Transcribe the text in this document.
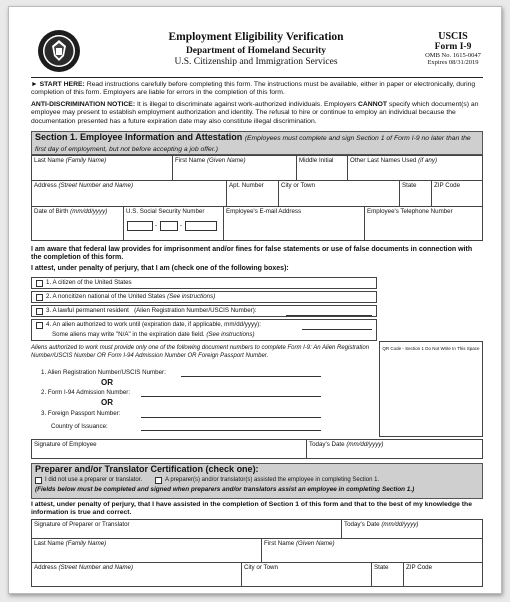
Employment Eligibility Verification
Department of Homeland Security
U.S. Citizenship and Immigration Services
USCIS
Form I-9
OMB No. 1615-0047
Expires 08/31/2019
► START HERE: Read instructions carefully before completing this form. The instructions must be available, either in paper or electronically, during completion of this form. Employers are liable for errors in the completion of this form.
ANTI-DISCRIMINATION NOTICE: It is illegal to discriminate against work-authorized individuals. Employers CANNOT specify which document(s) an employee may present to establish employment authorization and identity. The refusal to hire or continue to employ an individual because the documentation presented has a future expiration date may also constitute illegal discrimination.
Section 1. Employee Information and Attestation (Employees must complete and sign Section 1 of Form I-9 no later than the first day of employment, but not before accepting a job offer.)
Last Name (Family Name)	First Name (Given Name)	Middle Initial	Other Last Names Used (if any)
Address (Street Number and Name)	Apt. Number	City or Town	State	ZIP Code
Date of Birth (mm/dd/yyyy)	U.S. Social Security Number
-	-
Employee's E-mail Address	Employee's Telephone Number
I am aware that federal law provides for imprisonment and/or fines for false statements or use of false documents in connection with the completion of this form.
I attest, under penalty of perjury, that I am (check one of the following boxes):
1. A citizen of the United States
2. A noncitizen national of the United States (See instructions)
3. A lawful permanent resident (Alien Registration Number/USCIS Number):
4. An alien authorized to work until (expiration date, if applicable, mm/dd/yyyy):
Some aliens may write "N/A" in the expiration date field. (See instructions)
QR Code - Section 1 Do Not Write In This Space
Aliens authorized to work must provide only one of the following document numbers to complete Form I-9: An Alien Registration Number/USCIS Number OR Form I-94 Admission Number OR Foreign Passport Number.
1. Alien Registration Number/USCIS Number:
OR
2. Form I-94 Admission Number:
OR
3. Foreign Passport Number:
Country of Issuance:
Signature of Employee	Today's Date (mm/dd/yyyy)
Preparer and/or Translator Certification (check one):
I did not use a preparer or translator.	A preparer(s) and/or translator(s) assisted the employee in completing Section 1.
(Fields below must be completed and signed when preparers and/or translators assist an employee in completing Section 1.)
I attest, under penalty of perjury, that I have assisted in the completion of Section 1 of this form and that to the best of my knowledge the information is true and correct.
Signature of Preparer or Translator	Today's Date (mm/dd/yyyy)
Last Name (Family Name)	First Name (Given Name)
Address (Street Number and Name)	City or Town	State	ZIP Code
